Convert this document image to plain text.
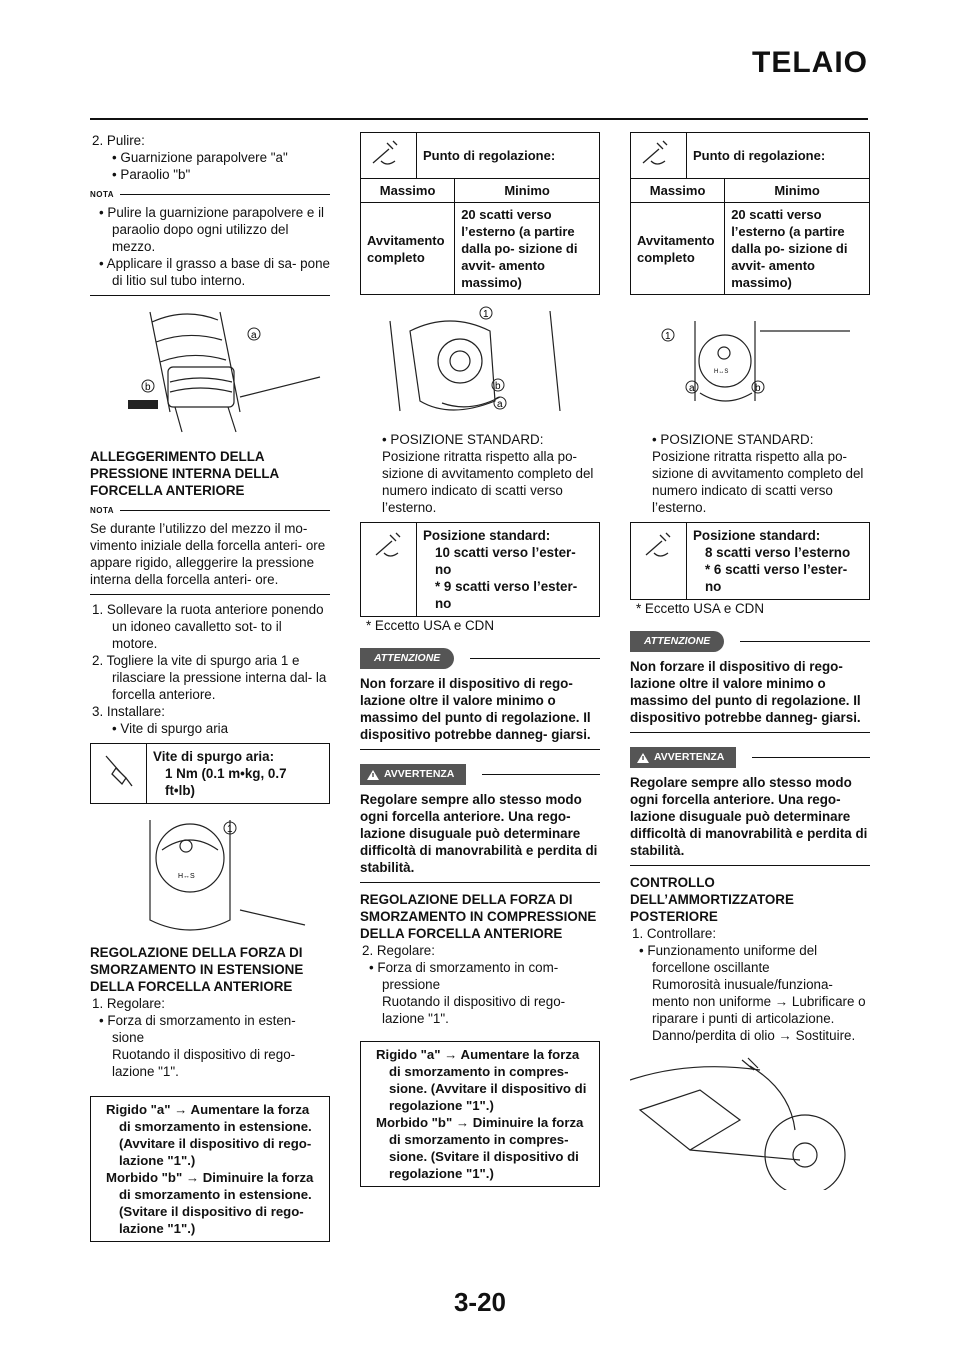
TELAIO
2. Pulire:
• Guarnizione parapolvere "a"
• Paraolio "b"
NOTA
• Pulire la guarnizione parapolvere e il paraolio dopo ogni utilizzo del mezzo.
• Applicare il grasso a base di sa- pone di litio sul tubo interno.
a
b
ALLEGGERIMENTO DELLA PRESSIONE INTERNA DELLA FORCELLA ANTERIORE
NOTA
Se durante l’utilizzo del mezzo il mo- vimento iniziale della forcella anteri- ore appare rigido, alleggerire la pressione interna della forcella anteri- ore.
1. Sollevare la ruota anteriore ponendo un idoneo cavalletto sot- to il motore.
2. Togliere la vite di spurgo aria 1 e rilasciare la pressione interna dal- la forcella anteriore.
3. Installare:
• Vite di spurgo aria
Vite di spurgo aria:
1 Nm (0.1 m•kg, 0.7
ft•lb)
H↔S
1
REGOLAZIONE DELLA FORZA DI SMORZAMENTO IN ESTENSIONE DELLA FORCELLA ANTERIORE
1. Regolare:
• Forza di smorzamento in esten- sione
Ruotando il dispositivo di rego- lazione "1".
Rigido "a" → Aumentare la forza di smorzamento in estensione. (Avvitare il dispositivo di rego- lazione "1".)
Morbido "b" → Diminuire la forza di smorzamento in estensione. (Svitare il dispositivo di rego- lazione "1".)
	Punto di regolazione:	
Massimo		Minimo
Avvitamento completo		20 scatti verso l’esterno (a partire dalla po- sizione di avvit- amento massimo)
1
b
a
• POSIZIONE STANDARD:
Posizione ritratta rispetto alla po- sizione di avvitamento completo del numero indicato di scatti verso l’esterno.
Posizione standard:
10 scatti verso l’ester- no
* 9 scatti verso l’ester- no
* Eccetto USA e CDN
ATTENZIONE
Non forzare il dispositivo di rego- lazione oltre il valore minimo o massimo del punto di regolazione. Il dispositivo potrebbe danneg- giarsi.
AVVERTENZA
Regolare sempre allo stesso modo ogni forcella anteriore. Una rego- lazione disuguale può determinare difficoltà di manovrabilità e perdita di stabilità.
REGOLAZIONE DELLA FORZA DI SMORZAMENTO IN COMPRESSIONE DELLA FORCELLA ANTERIORE
2. Regolare:
• Forza di smorzamento in com- pressione
Ruotando il dispositivo di rego- lazione "1".
Rigido "a" → Aumentare la forza di smorzamento in compres- sione. (Avvitare il dispositivo di regolazione "1".)
Morbido "b" → Diminuire la forza di smorzamento in compres- sione. (Svitare il dispositivo di regolazione "1".)
	Punto di regolazione:	
Massimo		Minimo
Avvitamento completo		20 scatti verso l’esterno (a partire dalla po- sizione di avvit- amento massimo)
H↔S
1
a	b
• POSIZIONE STANDARD:
Posizione ritratta rispetto alla po- sizione di avvitamento completo del numero indicato di scatti verso l’esterno.
Posizione standard:
8 scatti verso l’esterno
* 6 scatti verso l’ester- no
* Eccetto USA e CDN
ATTENZIONE
Non forzare il dispositivo di rego- lazione oltre il valore minimo o massimo del punto di regolazione. Il dispositivo potrebbe danneg- giarsi.
AVVERTENZA
Regolare sempre allo stesso modo ogni forcella anteriore. Una rego- lazione disuguale può determinare difficoltà di manovrabilità e perdita di stabilità.
CONTROLLO DELL’AMMORTIZZATORE POSTERIORE
1. Controllare:
• Funzionamento uniforme del forcellone oscillante
Rumorosità inusuale/funziona- mento non uniforme → Lubrificare o riparare i punti di articolazione.
Danno/perdita di olio → Sostituire.
3-20
